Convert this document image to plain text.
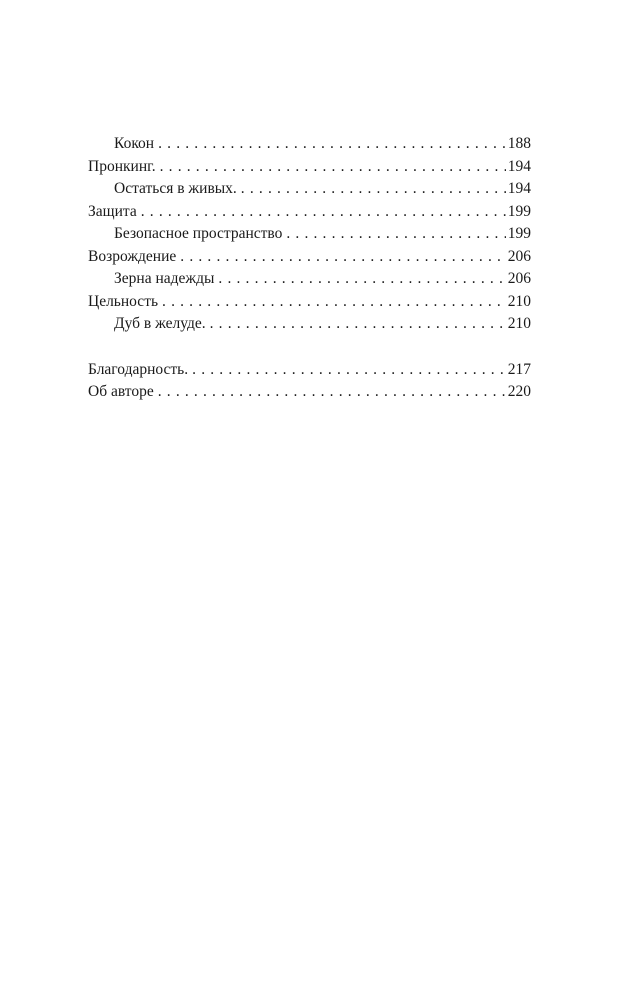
Кокон . . .	188
Пронкинг. . . .	194
Остаться в живых. . . .	194
Защита . . .	199
Безопасное пространство . . .	199
Возрождение . . .	206
Зерна надежды . . .	206
Цельность . . .	210
Дуб в желуде. . . .	210
Благодарность. . . .	217
Об авторе . . .	220
